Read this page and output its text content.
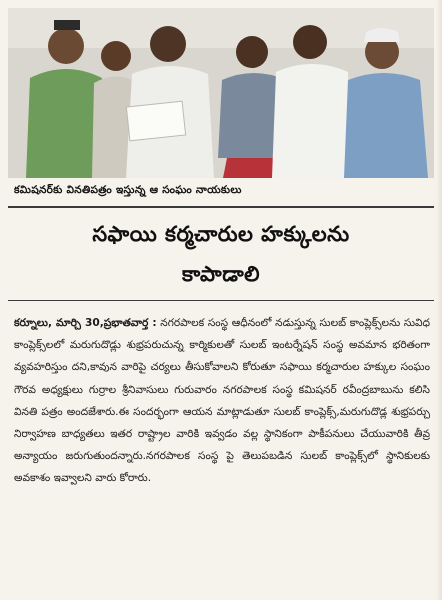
కమిషనర్‌కు వినతిపత్రం ఇస్తున్న ఆ సంఘం నాయకులు
సఫాయి కర్మచారుల హక్కులను
కాపాడాలి
కర్నూలు, మార్చి 30,ప్రభాతవార్త : నగరపాలక సంస్థ ఆధీనంలో నడుస్తున్న సులబ్ కాంప్లెక్స్‌లను సువిధ కాంప్లెక్స్‌లలో మరుగుదొడ్లు శుభ్రపరుచున్న కార్మికులతో సులబ్ ఇంటర్నేషన్ సంస్థ అవమాన భరితంగా వ్యవహరిస్తుం దని,కావున వారిపై చర్యలు తీసుకోవాలని కోరుతూ సఫాయి కర్మచారుల హక్కుల సంఘం గౌరవ అధ్యక్షులు గుర్రాల శ్రీనివాసులు గురువారం నగరపాలక సంస్థ కమిషనర్ రవీంద్రబాబును కలిసి వినతి పత్రం అందజేశారు.ఈ సందర్భంగా ఆయన మాట్లాడుతూ సులబ్ కాంప్లెక్స్,మరుగుదొడ్ల శుభ్రపర్చు నిర్వాహణ బాధ్యతలు ఇతర రాష్ట్రాల వారికి ఇవ్వడం వల్ల స్థానికంగా పాకీపనులు చేయువారికి తీవ్ర అన్యాయం జరుగుతుందన్నారు.నగరపాలక సంస్థ పై తెలుపబడిన సులబ్ కాంప్లెక్స్‌లో స్థానికులకు అవకాశం ఇవ్వాలని వారు కోరారు.
